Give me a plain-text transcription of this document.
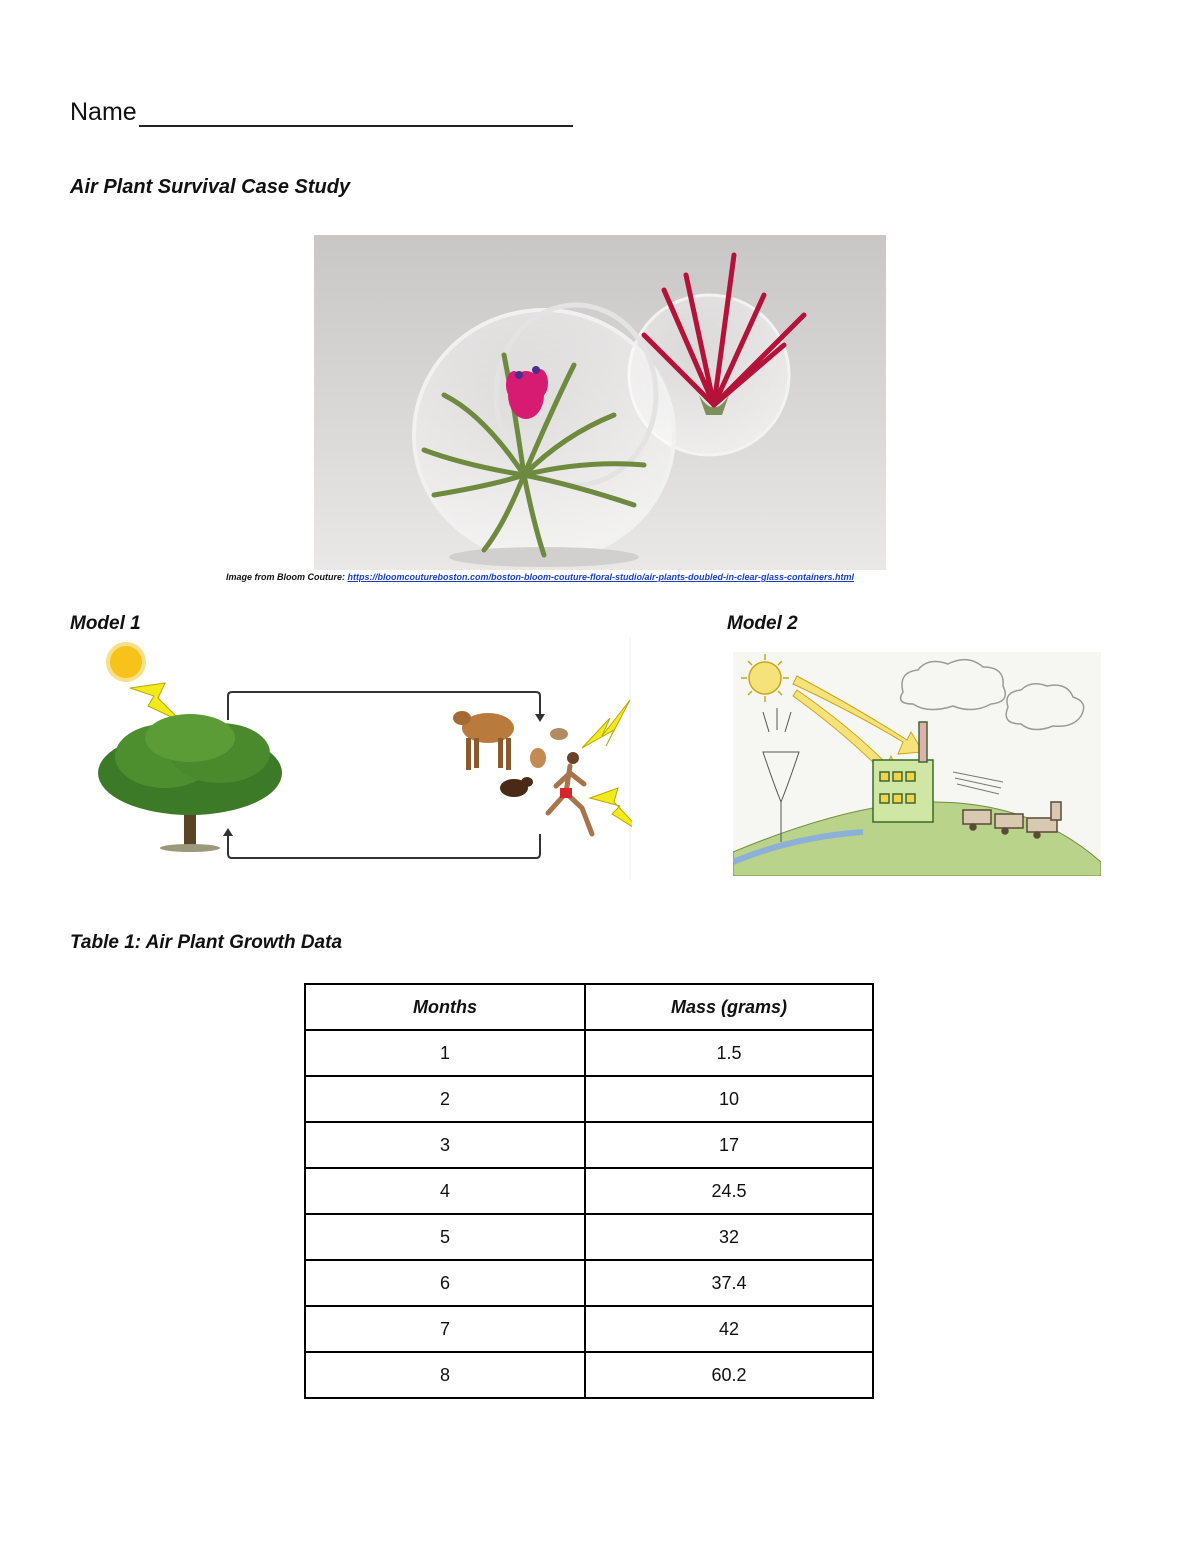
Name
Air Plant Survival Case Study
Image from Bloom Couture: https://bloomcoutureboston.com/boston-bloom-couture-floral-studio/air-plants-doubled-in-clear-glass-containers.html
Model 1	Model 2
Table 1: Air Plant Growth Data
Months	Mass (grams)
1	1.5
2	10
3	17
4	24.5
5	32
6	37.4
7	42
8	60.2
